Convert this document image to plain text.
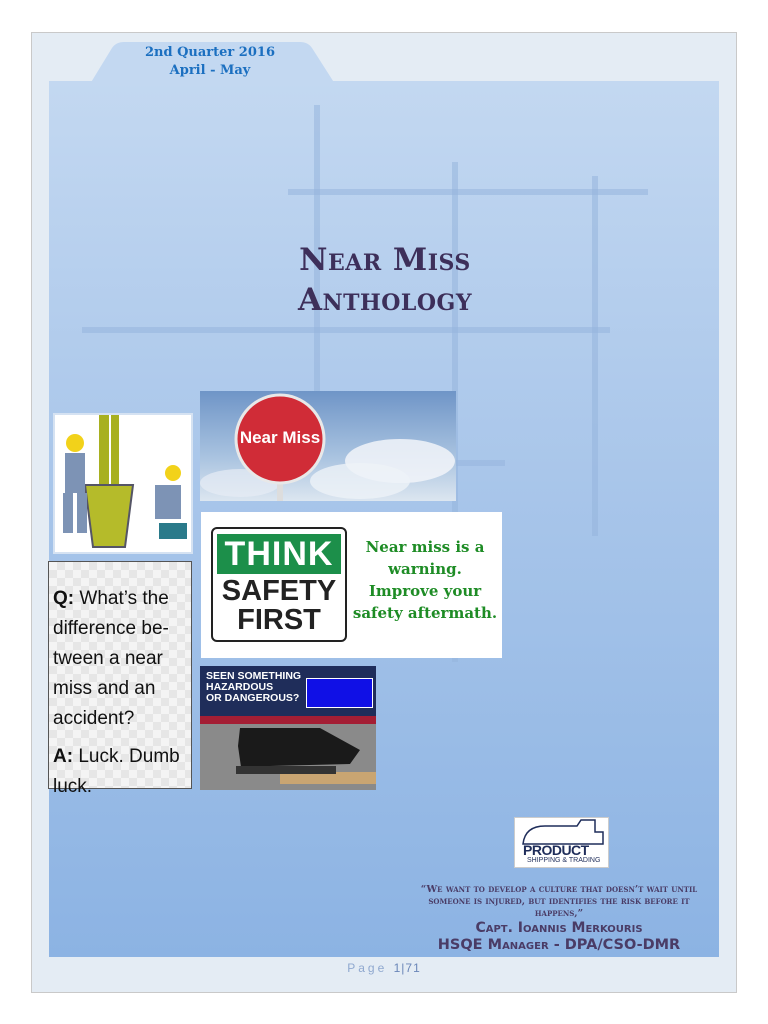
2nd Quarter 2016
April - May
Near Miss
Anthology
Near Miss

Q: What’s the difference be-tween a near miss and an accident?

A: Luck. Dumb luck.

THINK
SAFETY
FIRST
Near miss is a warning. Improve your safety aftermath.
SEEN SOMETHING
HAZARDOUS
OR DANGEROUS?
PRODUCT
SHIPPING & TRADING
“We want to develop a culture that doesn’t wait until someone is injured, but identifies the risk before it happens,”
Capt. Ioannis Merkouris
HSQE Manager - DPA/CSO-DMR
Page 1|71
